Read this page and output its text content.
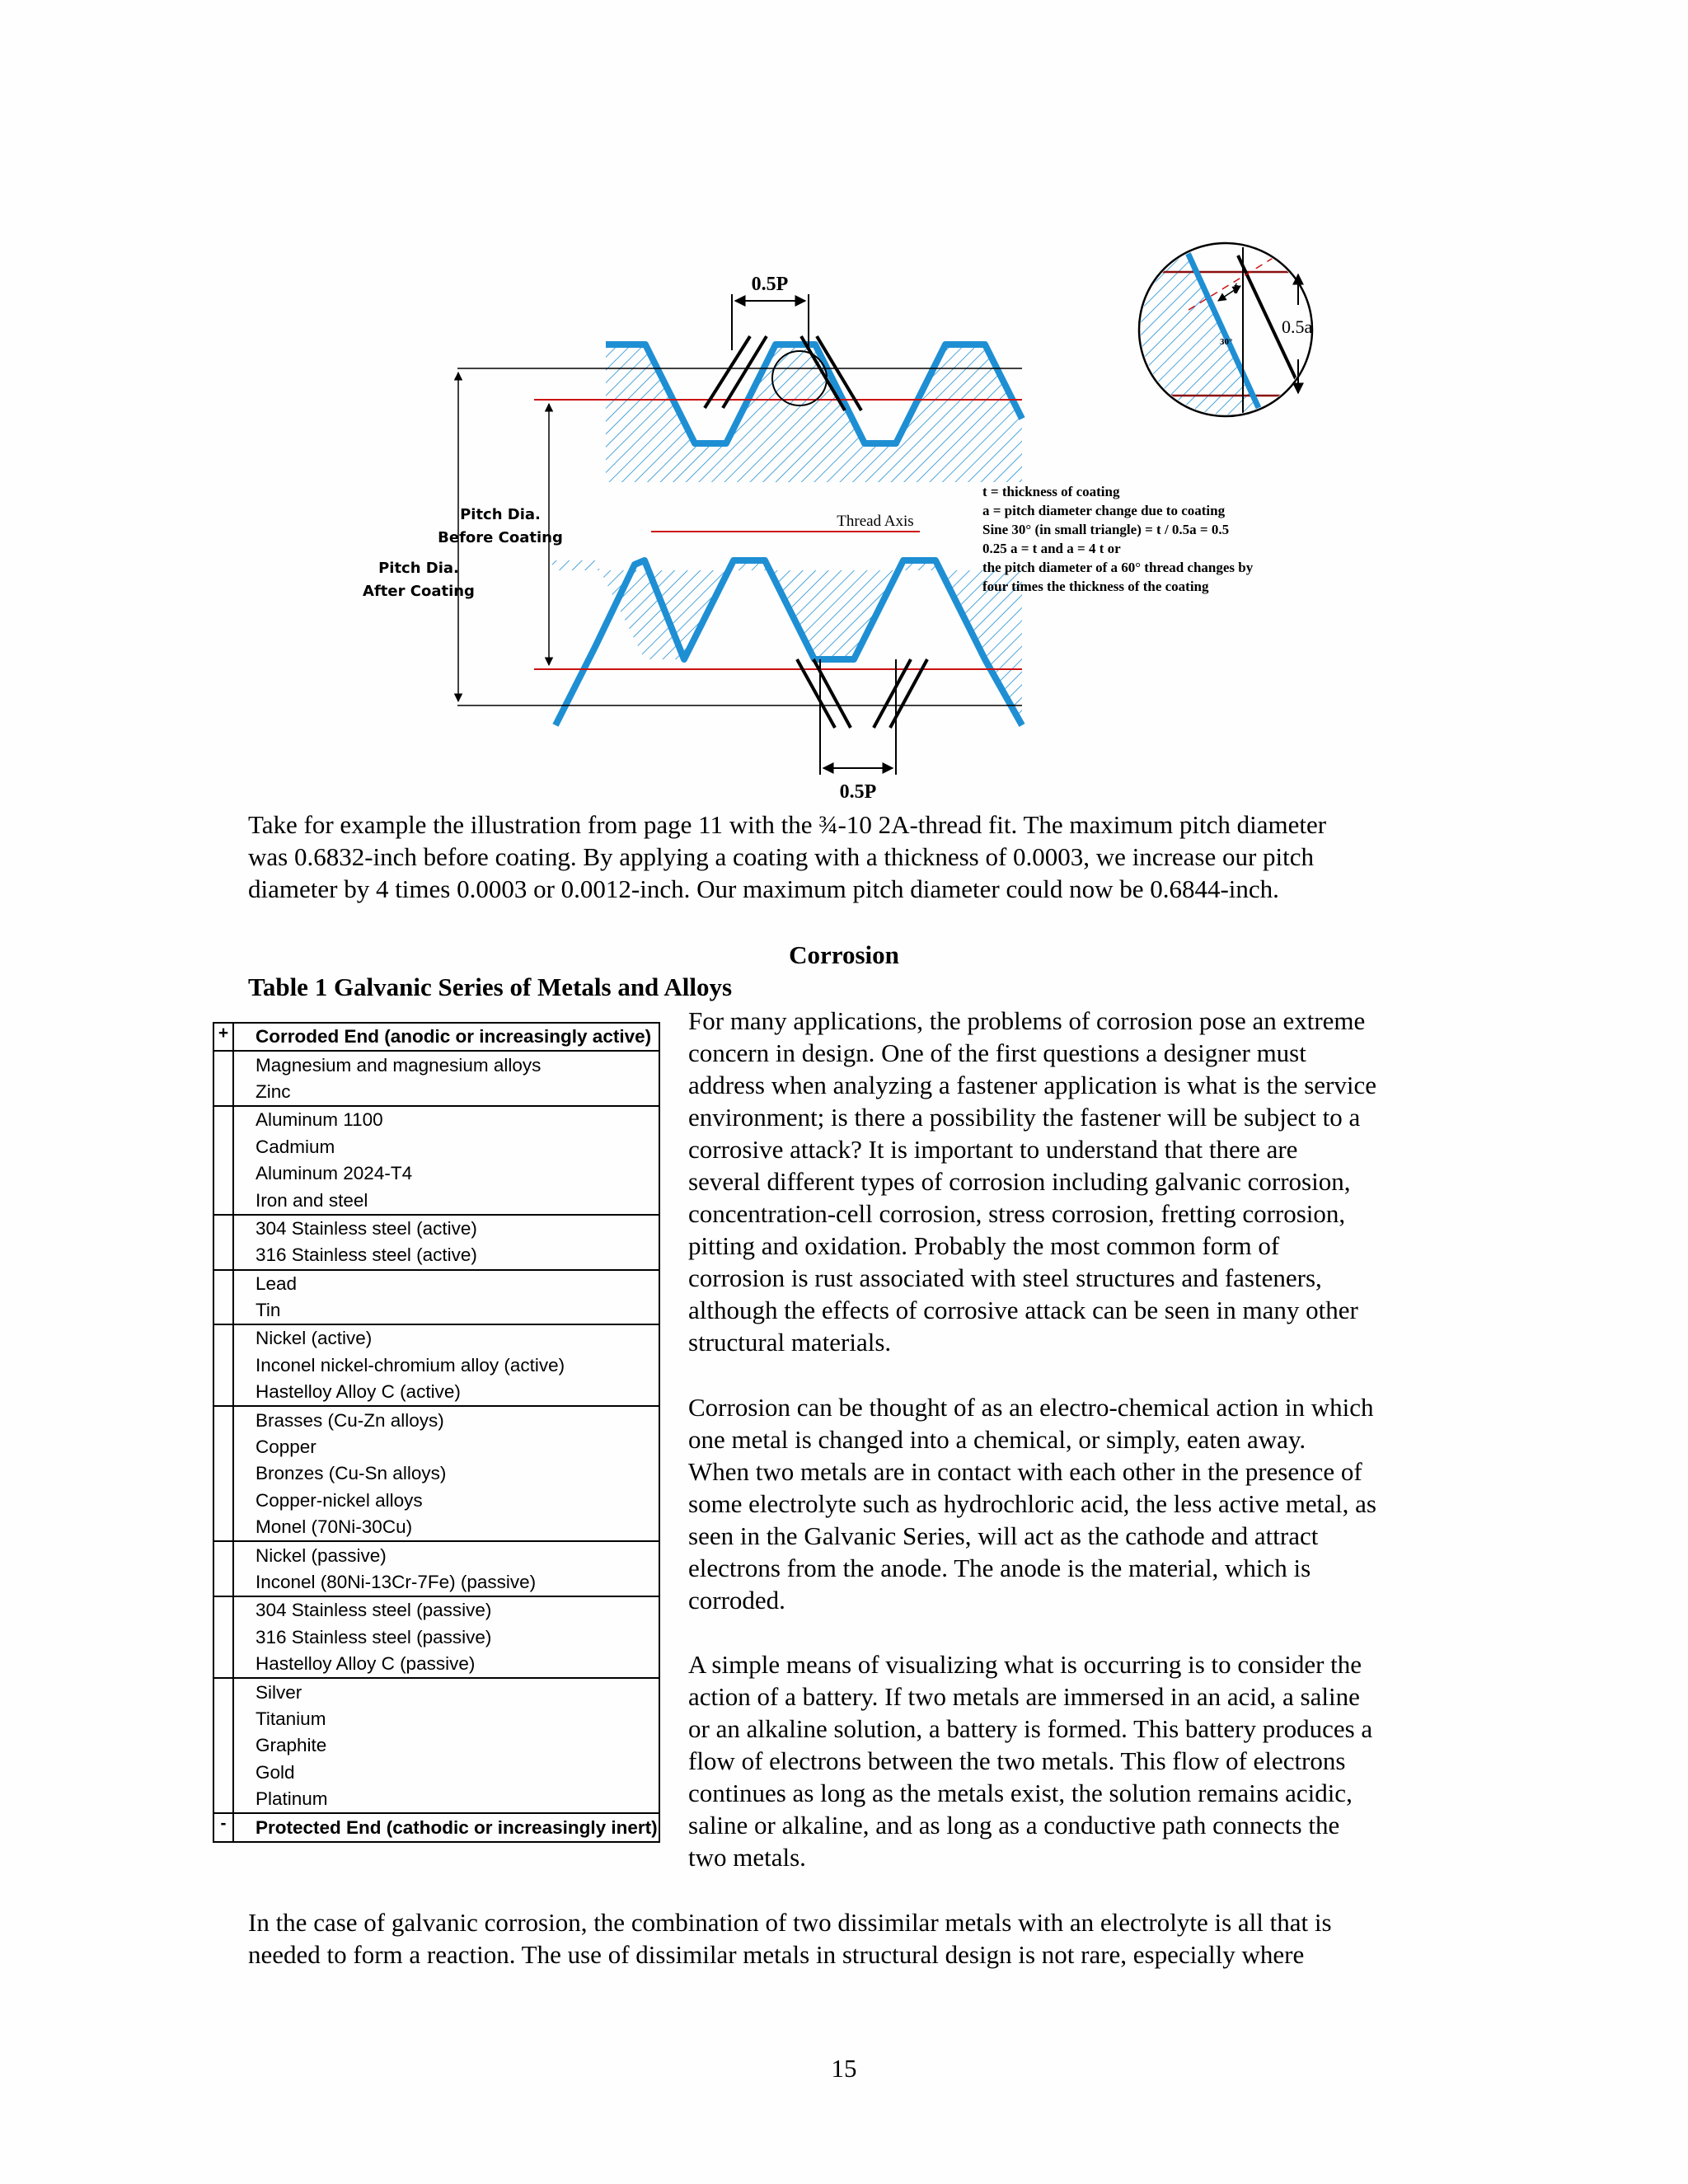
0.5P
0.5P
Pitch Dia.
Before Coating
Pitch Dia.
After Coating
Thread Axis
t
30°
0.5a
t = thickness of coating
a = pitch diameter change due to coating
Sine 30° (in small triangle) = t / 0.5a = 0.5
0.25 a = t and a = 4 t or
the pitch diameter of a 60° thread changes by
four times the thickness of the coating

Take for example the illustration from page 11 with the ¾-10 2A-thread fit. The maximum pitch diameter
was 0.6832-inch before coating. By applying a coating with a thickness of 0.0003, we increase our pitch
diameter by 4 times 0.0003 or 0.0012-inch. Our maximum pitch diameter could now be 0.6844-inch.

Corrosion
Table 1 Galvanic Series of Metals and Alloys
+	Corroded End (anodic or increasingly active)
	Magnesium and magnesium alloys
	Zinc
	Aluminum 1100
	Cadmium
	Aluminum 2024-T4
	Iron and steel
	304 Stainless steel (active)
	316 Stainless steel (active)
	Lead
	Tin
	Nickel (active)
	Inconel nickel-chromium alloy (active)
	Hastelloy Alloy C (active)
	Brasses (Cu-Zn alloys)
	Copper
	Bronzes (Cu-Sn alloys)
	Copper-nickel alloys
	Monel (70Ni-30Cu)
	Nickel (passive)
	Inconel (80Ni-13Cr-7Fe) (passive)
	304 Stainless steel (passive)
	316 Stainless steel (passive)
	Hastelloy Alloy C (passive)
	Silver
	Titanium
	Graphite
	Gold
	Platinum
-	Protected End (cathodic or increasingly inert)

For many applications, the problems of corrosion pose an extreme
concern in design. One of the first questions a designer must
address when analyzing a fastener application is what is the service
environment; is there a possibility the fastener will be subject to a
corrosive attack? It is important to understand that there are
several different types of corrosion including galvanic corrosion,
concentration-cell corrosion, stress corrosion, fretting corrosion,
pitting and oxidation. Probably the most common form of
corrosion is rust associated with steel structures and fasteners,
although the effects of corrosive attack can be seen in many other
structural materials.

Corrosion can be thought of as an electro-chemical action in which
one metal is changed into a chemical, or simply, eaten away.
When two metals are in contact with each other in the presence of
some electrolyte such as hydrochloric acid, the less active metal, as
seen in the Galvanic Series, will act as the cathode and attract
electrons from the anode. The anode is the material, which is
corroded.

A simple means of visualizing what is occurring is to consider the
action of a battery. If two metals are immersed in an acid, a saline
or an alkaline solution, a battery is formed. This battery produces a
flow of electrons between the two metals. This flow of electrons
continues as long as the metals exist, the solution remains acidic,
saline or alkaline, and as long as a conductive path connects the
two metals.

In the case of galvanic corrosion, the combination of two dissimilar metals with an electrolyte is all that is
needed to form a reaction. The use of dissimilar metals in structural design is not rare, especially where

15
